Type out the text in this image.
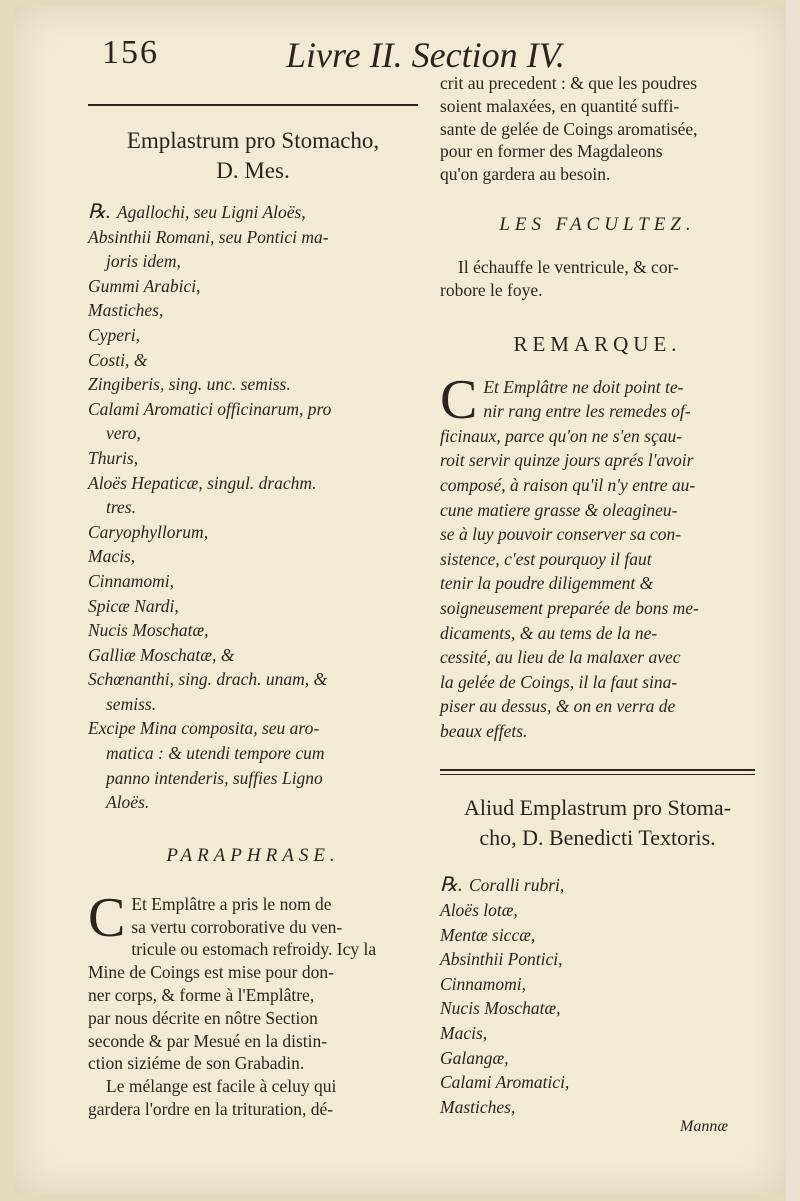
156	Livre II. Section IV.
Emplastrum pro Stomacho,
D. Mes.
℞. Agallochi, seu Ligni Aloës,
Absinthii Romani, seu Pontici ma-
joris idem,
Gummi Arabici,
Mastiches,
Cyperi,
Costi, &
Zingiberis, sing. unc. semiss.
Calami Aromatici officinarum, pro
vero,
Thuris,
Aloës Hepaticæ, singul. drachm.
tres.
Caryophyllorum,
Macis,
Cinnamomi,
Spicæ Nardi,
Nucis Moschatæ,
Galliæ Moschatæ, &
Schœnanthi, sing. drach. unam, &
semiss.
Excipe Mina composita, seu aro-
matica : & utendi tempore cum
panno intenderis, suffies Ligno
Aloës.
PARAPHRASE.
C Et Emplâtre a pris le nom de
sa vertu corroborative du ven-
tricule ou estomach refroidy. Icy la
Mine de Coings est mise pour don-
ner corps, & forme à l'Emplâtre,
par nous décrite en nôtre Section
seconde & par Mesué en la distin-
ction siziéme de son Grabadin.
Le mélange est facile à celuy qui
gardera l'ordre en la trituration, dé-
crit au precedent : & que les poudres
soient malaxées, en quantité suffi-
sante de gelée de Coings aromatisée,
pour en former des Magdaleons
qu'on gardera au besoin.
LES FACULTEZ.
Il échauffe le ventricule, & cor-
robore le foye.
REMARQUE.
C Et Emplâtre ne doit point te-
nir rang entre les remedes of-
ficinaux, parce qu'on ne s'en sçau-
roit servir quinze jours aprés l'avoir
composé, à raison qu'il n'y entre au-
cune matiere grasse & oleagineu-
se à luy pouvoir conserver sa con-
sistence, c'est pourquoy il faut
tenir la poudre diligemment &
soigneusement preparée de bons me-
dicaments, & au tems de la ne-
cessité, au lieu de la malaxer avec
la gelée de Coings, il la faut sina-
piser au dessus, & on en verra de
beaux effets.
Aliud Emplastrum pro Stoma-
cho, D. Benedicti Textoris.
℞. Coralli rubri,
Aloës lotæ,
Mentæ siccæ,
Absinthii Pontici,
Cinnamomi,
Nucis Moschatæ,
Macis,
Galangæ,
Calami Aromatici,
Mastiches,
Mannæ
